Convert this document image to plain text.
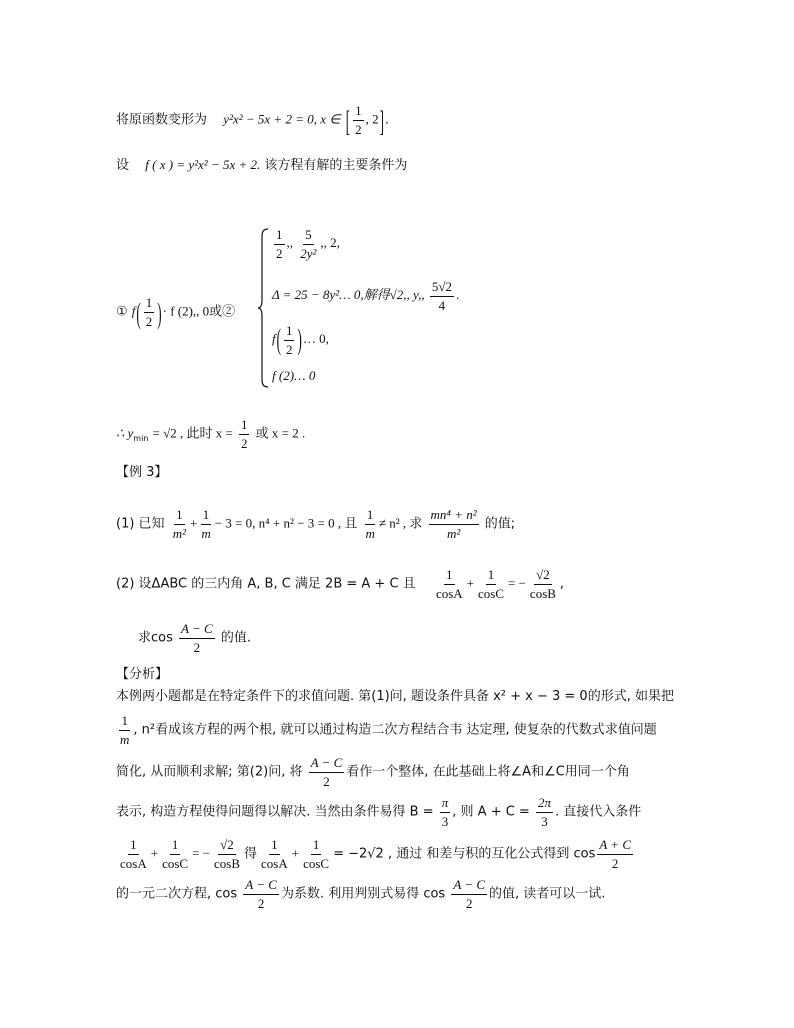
将原函数变形为 y²x² − 5x + 2 = 0, x ∈ [ $\frac{1}{2}$ , 2].
设 f ( x ) = y²x² − 5x + 2. 该方程有解的主要条件为
① $f( \frac{1}{2}$ )· f (2),, 0或②
$\frac{1}{2}$ ,, $\frac{5}{\text{2y²}}$ ,, 2,
Δ = 25 − 8y²… 0,解得√2,, y,, $\frac{5√2}{4}$ .
$f( \frac{1}{2}$ )… 0,
f (2)… 0
∴ $y_{min} = √2$ , 此时 $x = \frac{1}{2}$ 或 x = 2 .
【例 3】
(1) 已知 $\frac{1}{\text{m²}} + \frac{1}{m} - 3 = 0$, n⁴ + n² − 3 = 0 , 且 $\frac{1}{m} \ne n^2$ , 求 $\frac{\text{mn⁴ + n²}}{\text{m²}}$ 的值;
(2) 设ΔABC 的三内角 A, B, C 满足 2B = A + C 且 $\frac{1}{\cos A} + \frac{1}{\cos C}$ = − $\frac{√2}{\cos B}$ ,
求$\cos \frac{A - C}{2}$ 的值.
【分析】
本例两小题都是在特定条件下的求值问题. 第(1)问, 题设条件具备 x² + x − 3 = 0的形式, 如果把
$\frac{1}{m}$ , n²看成该方程的两个根, 就可以通过构造二次方程结合韦 达定理, 使复杂的代数式求值问题
简化, 从而顺利求解; 第(2)问, 将 $\frac{A - C}{2}$ 看作一个整体, 在此基础上将∠A和∠C用同一个角
表示, 构造方程使得问题得以解决. 当然由条件易得 $B = \frac{\pi}{3}$ , 则 $A + C = \frac{2\pi}{3}$ . 直接代入条件
$\frac{1}{\cos A} + \frac{1}{\cos C}$ = − $\frac{√2}{\cos B}$ 得 $\frac{1}{\cos A} + \frac{1}{\cos C} = -2√2$ , 通过 和差与积的互化公式得到 $\cos \frac{A + C}{2}$
的一元二次方程, $\cos \frac{A - C}{2}$ 为系数. 利用判别式易得 $\cos \frac{A - C}{2}$ 的值, 读者可以一试.
